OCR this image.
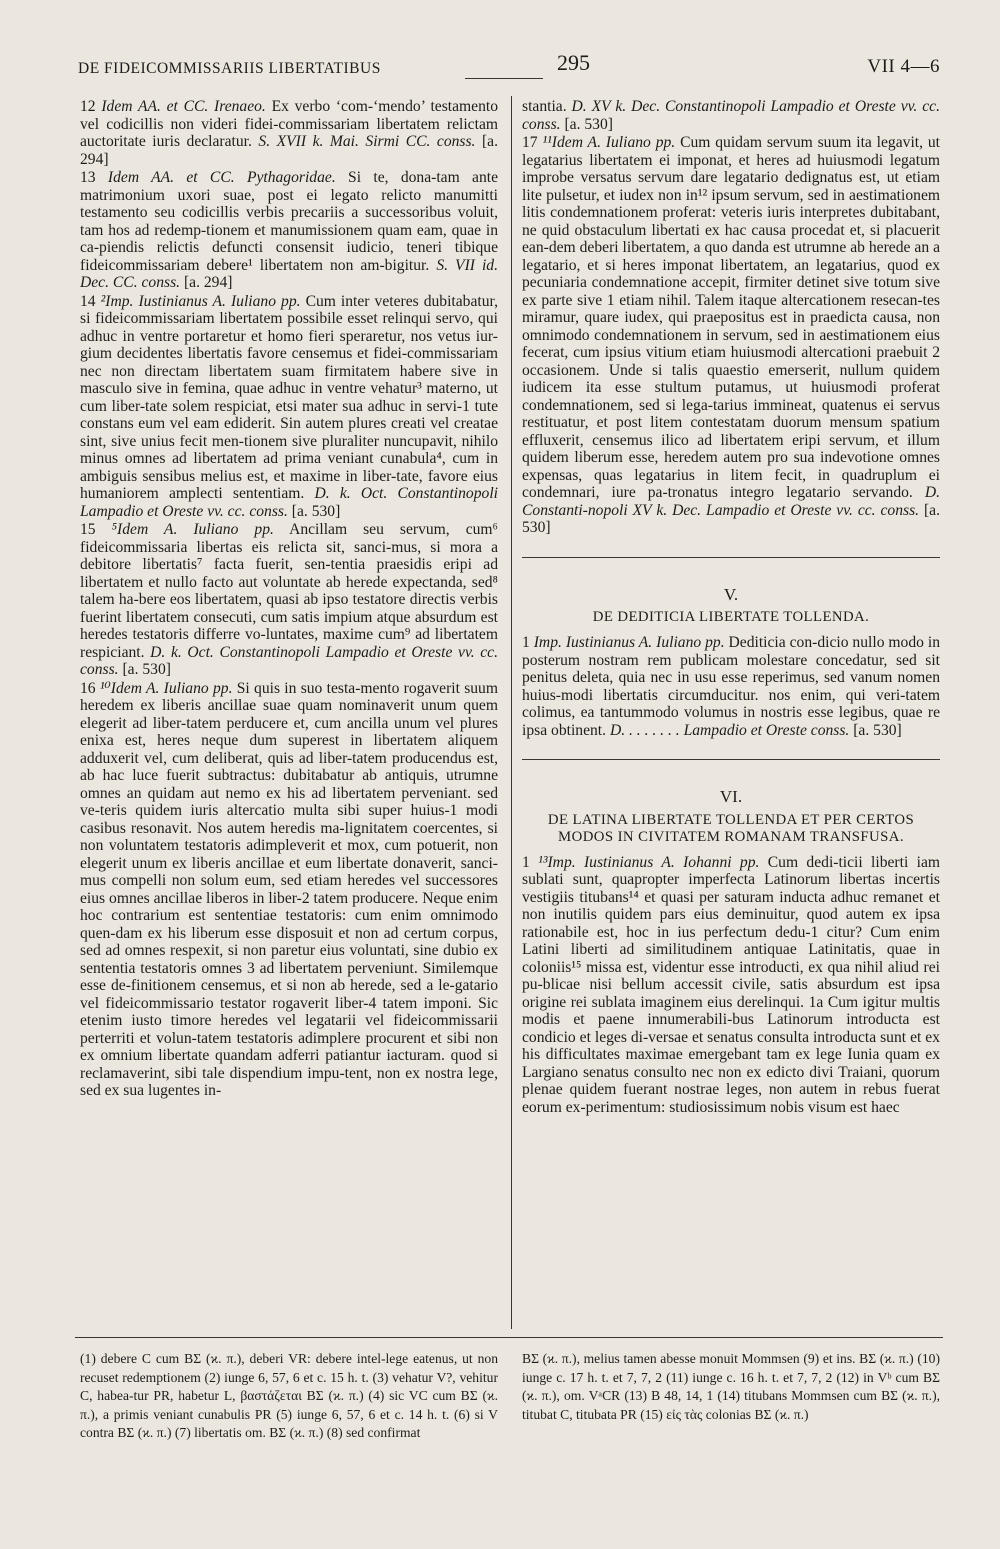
DE FIDEICOMMISSARIIS LIBERTATIBUS	295	VII 4—6

12 Idem AA. et CC. Irenaeo. Ex verbo ‘com-‘mendo’ testamento vel codicillis non videri fidei-commissariam libertatem relictam auctoritate iuris declaratur. S. XVII k. Mai. Sirmi CC. conss. [a. 294]

13 Idem AA. et CC. Pythagoridae. Si te, dona-tam ante matrimonium uxori suae, post ei legato relicto manumitti testamento seu codicillis verbis precariis a successoribus voluit, tam hos ad redemp-tionem et manumissionem quam eam, quae in ca-piendis relictis defuncti consensit iudicio, teneri tibique fideicommissariam debere¹ libertatem non am-bigitur. S. VII id. Dec. CC. conss. [a. 294]

14 ²Imp. Iustinianus A. Iuliano pp. Cum inter veteres dubitabatur, si fideicommissariam libertatem possibile esset relinqui servo, qui adhuc in ventre portaretur et homo fieri speraretur, nos vetus iur-gium decidentes libertatis favore censemus et fidei-commissariam nec non directam libertatem suam firmitatem habere sive in masculo sive in femina, quae adhuc in ventre vehatur³ materno, ut cum liber-tate solem respiciat, etsi mater sua adhuc in servi-1 tute constans eum vel eam ediderit. Sin autem plures creati vel creatae sint, sive unius fecit men-tionem sive pluraliter nuncupavit, nihilo minus omnes ad libertatem ad prima veniant cunabula⁴, cum in ambiguis sensibus melius est, et maxime in liber-tate, favore eius humaniorem amplecti sententiam. D. k. Oct. Constantinopoli Lampadio et Oreste vv. cc. conss. [a. 530]

15 ⁵Idem A. Iuliano pp. Ancillam seu servum, cum⁶ fideicommissaria libertas eis relicta sit, sanci-mus, si mora a debitore libertatis⁷ facta fuerit, sen-tentia praesidis eripi ad libertatem et nullo facto aut voluntate ab herede expectanda, sed⁸ talem ha-bere eos libertatem, quasi ab ipso testatore directis verbis fuerint libertatem consecuti, cum satis impium atque absurdum est heredes testatoris differre vo-luntates, maxime cum⁹ ad libertatem respiciant. D. k. Oct. Constantinopoli Lampadio et Oreste vv. cc. conss. [a. 530]

16 ¹⁰Idem A. Iuliano pp. Si quis in suo testa-mento rogaverit suum heredem ex liberis ancillae suae quam nominaverit unum quem elegerit ad liber-tatem perducere et, cum ancilla unum vel plures enixa est, heres neque dum superest in libertatem aliquem adduxerit vel, cum deliberat, quis ad liber-tatem producendus est, ab hac luce fuerit subtractus: dubitabatur ab antiquis, utrumne omnes an quidam aut nemo ex his ad libertatem perveniant. sed ve-teris quidem iuris altercatio multa sibi super huius-1 modi casibus resonavit. Nos autem heredis ma-lignitatem coercentes, si non voluntatem testatoris adimpleverit et mox, cum potuerit, non elegerit unum ex liberis ancillae et eum libertate donaverit, sanci-mus compelli non solum eum, sed etiam heredes vel successores eius omnes ancillae liberos in liber-2 tatem producere. Neque enim hoc contrarium est sententiae testatoris: cum enim omnimodo quen-dam ex his liberum esse disposuit et non ad certum corpus, sed ad omnes respexit, si non paretur eius voluntati, sine dubio ex sententia testatoris omnes 3 ad libertatem perveniunt. Similemque esse de-finitionem censemus, et si non ab herede, sed a le-gatario vel fideicommissario testator rogaverit liber-4 tatem imponi. Sic etenim iusto timore heredes vel legatarii vel fideicommissarii perterriti et volun-tatem testatoris adimplere procurent et sibi non ex omnium libertate quandam adferri patiantur iacturam. quod si reclamaverint, sibi tale dispendium impu-tent, non ex nostra lege, sed ex sua lugentes in-

stantia. D. XV k. Dec. Constantinopoli Lampadio et Oreste vv. cc. conss. [a. 530]

17 ¹¹Idem A. Iuliano pp. Cum quidam servum suum ita legavit, ut legatarius libertatem ei imponat, et heres ad huiusmodi legatum improbe versatus servum dare legatario dedignatus est, ut etiam lite pulsetur, et iudex non in¹² ipsum servum, sed in aestimationem litis condemnationem proferat: veteris iuris interpretes dubitabant, ne quid obstaculum libertati ex hac causa procedat et, si placuerit ean-dem deberi libertatem, a quo danda est utrumne ab herede an a legatario, et si heres imponat libertatem, an legatarius, quod ex pecuniaria condemnatione accepit, firmiter detinet sive totum sive ex parte sive 1 etiam nihil. Talem itaque altercationem resecan-tes miramur, quare iudex, qui praepositus est in praedicta causa, non omnimodo condemnationem in servum, sed in aestimationem eius fecerat, cum ipsius vitium etiam huiusmodi altercationi praebuit 2 occasionem. Unde si talis quaestio emerserit, nullum quidem iudicem ita esse stultum putamus, ut huiusmodi proferat condemnationem, sed si lega-tarius immineat, quatenus ei servus restituatur, et post litem contestatam duorum mensum spatium effluxerit, censemus ilico ad libertatem eripi servum, et illum quidem liberum esse, heredem autem pro sua indevotione omnes expensas, quas legatarius in litem fecit, in quadruplum ei condemnari, iure pa-tronatus integro legatario servando. D. Constanti-nopoli XV k. Dec. Lampadio et Oreste vv. cc. conss. [a. 530]

V.
DE DEDITICIA LIBERTATE TOLLENDA.

1 Imp. Iustinianus A. Iuliano pp. Dediticia con-dicio nullo modo in posterum nostram rem publicam molestare concedatur, sed sit penitus deleta, quia nec in usu esse reperimus, sed vanum nomen huius-modi libertatis circumducitur. nos enim, qui veri-tatem colimus, ea tantummodo volumus in nostris esse legibus, quae re ipsa obtinent. D. . . . . . . . Lampadio et Oreste conss. [a. 530]

VI.
DE LATINA LIBERTATE TOLLENDA ET PER CERTOS MODOS IN CIVITATEM ROMANAM TRANSFUSA.

1 ¹³Imp. Iustinianus A. Iohanni pp. Cum dedi-ticii liberti iam sublati sunt, quapropter imperfecta Latinorum libertas incertis vestigiis titubans¹⁴ et quasi per saturam inducta adhuc remanet et non inutilis quidem pars eius deminuitur, quod autem ex ipsa rationabile est, hoc in ius perfectum dedu-1 citur? Cum enim Latini liberti ad similitudinem antiquae Latinitatis, quae in coloniis¹⁵ missa est, videntur esse introducti, ex qua nihil aliud rei pu-blicae nisi bellum accessit civile, satis absurdum est ipsa origine rei sublata imaginem eius derelinqui. 1a Cum igitur multis modis et paene innumerabili-bus Latinorum introducta est condicio et leges di-versae et senatus consulta introducta sunt et ex his difficultates maximae emergebant tam ex lege Iunia quam ex Largiano senatus consulto nec non ex edicto divi Traiani, quorum plenae quidem fuerant nostrae leges, non autem in rebus fuerat eorum ex-perimentum: studiosissimum nobis visum est haec

(1) debere C cum BΣ (ϰ. π.), deberi VR: debere intel-lege eatenus, ut non recuset redemptionem (2) iunge 6, 57, 6 et c. 15 h. t. (3) vehatur V?, vehitur C, habea-tur PR, habetur L, βαστάζεται BΣ (ϰ. π.) (4) sic VC cum BΣ (ϰ. π.), a primis veniant cunabulis PR (5) iunge 6, 57, 6 et c. 14 h. t. (6) si V contra BΣ (ϰ. π.) (7) libertatis om. BΣ (ϰ. π.) (8) sed confirmat
BΣ (ϰ. π.), melius tamen abesse monuit Mommsen (9) et ins. BΣ (ϰ. π.) (10) iunge c. 17 h. t. et 7, 7, 2 (11) iunge c. 16 h. t. et 7, 7, 2 (12) in Vᵇ cum BΣ (ϰ. π.), om. VᵃCR (13) B 48, 14, 1 (14) titubans Mommsen cum BΣ (ϰ. π.), titubat C, titubata PR (15) εἰς τὰς colonias BΣ (ϰ. π.)
